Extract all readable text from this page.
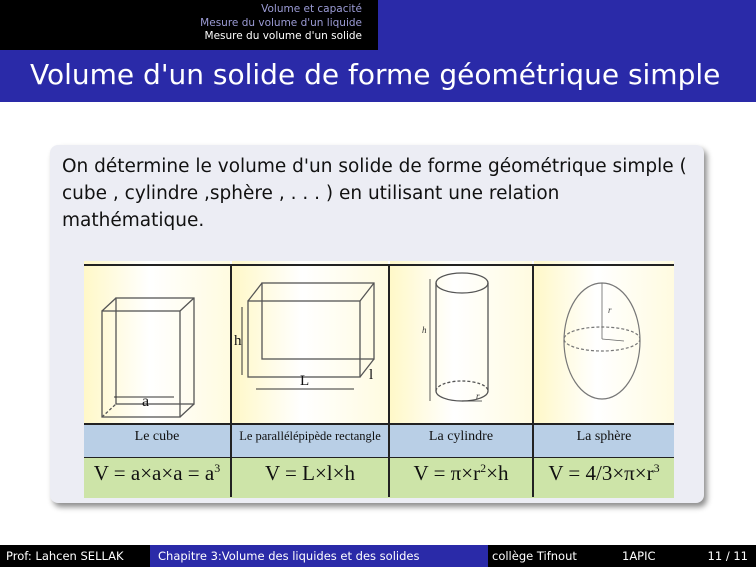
Volume et capacité
Mesure du volume d'un liquide
Mesure du volume d'un solide
Volume d'un solide de forme géométrique simple
On détermine le volume d'un solide de forme géométrique simple ( cube , cylindre ,sphère , . . . ) en utilisant une relation mathématique.
a
h
L	l
h
r
r
Le cube	Le parallélépipède rectangle	La cylindre	La sphère
$V = a\times a\times a = a^3$	V = L×l×h	$V = \pi\times r^2\times h$	$V = 4/3\times\pi\times r^3$
Prof: Lahcen SELLAK	Chapitre 3:Volume des liquides et des solides	collège Tifnout	1APIC	11 / 11
